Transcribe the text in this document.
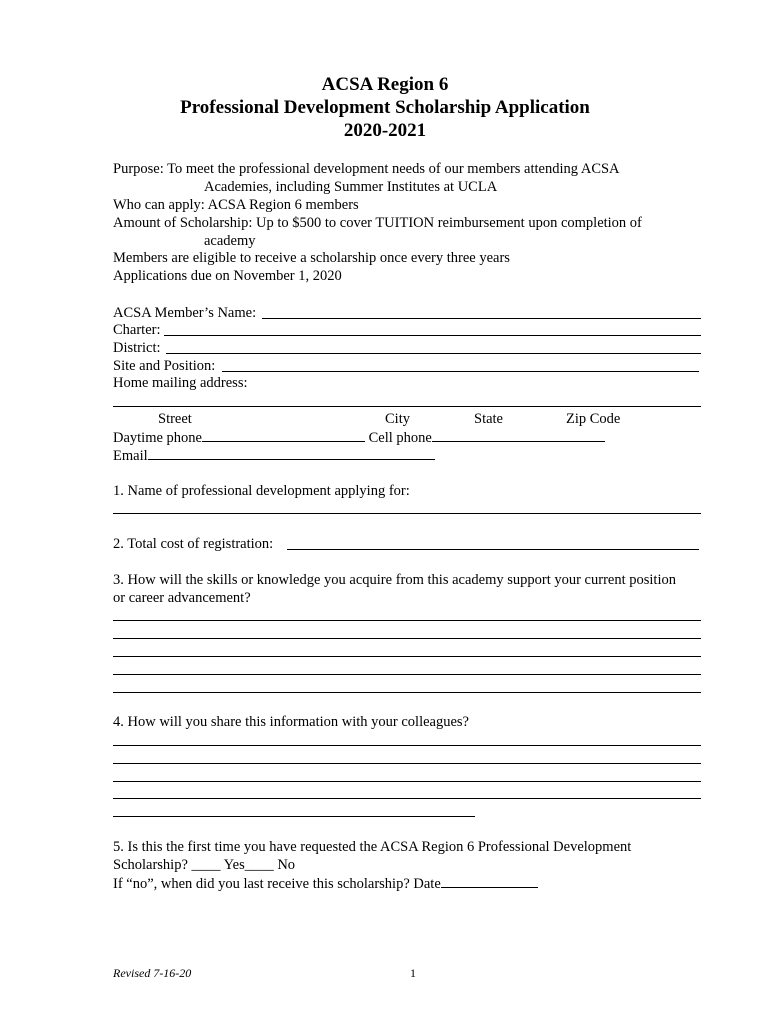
ACSA Region 6
Professional Development Scholarship Application
2020-2021
Purpose: To meet the professional development needs of our members attending ACSA
Academies, including Summer Institutes at UCLA
Who can apply: ACSA Region 6 members
Amount of Scholarship: Up to $500 to cover TUITION reimbursement upon completion of
academy
Members are eligible to receive a scholarship once every three years
Applications due on November 1, 2020
ACSA Member’s Name:
Charter:
District:
Site and Position:
Home mailing address:
Street	City	State	Zip Code
Daytime phone	Cell phone
Email
1. Name of professional development applying for:
2. Total cost of registration:
3. How will the skills or knowledge you acquire from this academy support your current position
or career advancement?
4. How will you share this information with your colleagues?
5. Is this the first time you have requested the ACSA Region 6 Professional Development
Scholarship? ____ Yes____ No
If “no”, when did you last receive this scholarship? Date
Revised 7-16-20	1
